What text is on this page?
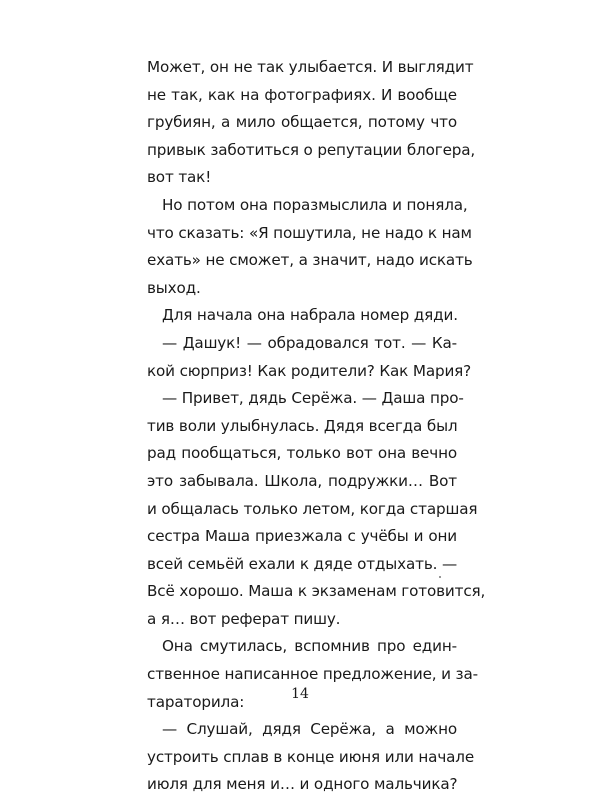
Может, он не так улыбается. И выглядит
не так, как на фотографиях. И вообще
грубиян, а мило общается, потому что
привык заботиться о репутации блогера,
вот так!
Но потом она поразмыслила и поняла,
что сказать: «Я пошутила, не надо к нам
ехать» не сможет, а значит, надо искать
выход.
Для начала она набрала номер дяди.
— Дашук! — обрадовался тот. — Ка-
кой сюрприз! Как родители? Как Мария?
— Привет, дядь Серёжа. — Даша про-
тив воли улыбнулась. Дядя всегда был
рад пообщаться, только вот она вечно
это забывала. Школа, подружки… Вот
и общалась только летом, когда старшая
сестра Маша приезжала с учёбы и они
всей семьёй ехали к дяде отдыхать. —
Всё хорошо. Маша к экзаменам готовится,
а я… вот реферат пишу.
Она смутилась, вспомнив про един-
ственное написанное предложение, и за-
тараторила:
— Слушай, дядя Серёжа, а можно
устроить сплав в конце июня или начале
июля для меня и… и одного мальчика?
14
